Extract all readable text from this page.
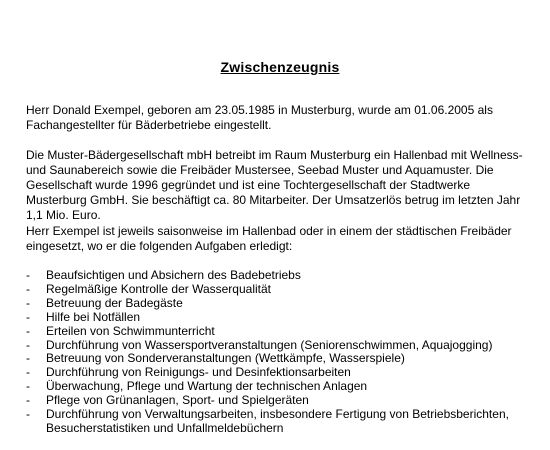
Zwischenzeugnis

Herr Donald Exempel, geboren am 23.05.1985 in Musterburg, wurde am 01.06.2005 als Fachangestellter für Bäderbetriebe eingestellt.

Die Muster-Bädergesellschaft mbH betreibt im Raum Musterburg ein Hallenbad mit Wellness- und Saunabereich sowie die Freibäder Mustersee, Seebad Muster und Aquamuster. Die Gesellschaft wurde 1996 gegründet und ist eine Tochtergesellschaft der Stadtwerke Musterburg GmbH. Sie beschäftigt ca. 80 Mitarbeiter. Der Umsatzerlös betrug im letzten Jahr 1,1 Mio. Euro.

Herr Exempel ist jeweils saisonweise im Hallenbad oder in einem der städtischen Freibäder eingesetzt, wo er die folgenden Aufgaben erledigt:

- Beaufsichtigen und Absichern des Badebetriebs
- Regelmäßige Kontrolle der Wasserqualität
- Betreuung der Badegäste
- Hilfe bei Notfällen
- Erteilen von Schwimmunterricht
- Durchführung von Wassersportveranstaltungen (Seniorenschwimmen, Aquajogging)
- Betreuung von Sonderveranstaltungen (Wettkämpfe, Wasserspiele)
- Durchführung von Reinigungs- und Desinfektionsarbeiten
- Überwachung, Pflege und Wartung der technischen Anlagen
- Pflege von Grünanlagen, Sport- und Spielgeräten
- Durchführung von Verwaltungsarbeiten, insbesondere Fertigung von Betriebsberichten, Besucherstatistiken und Unfallmeldebüchern
